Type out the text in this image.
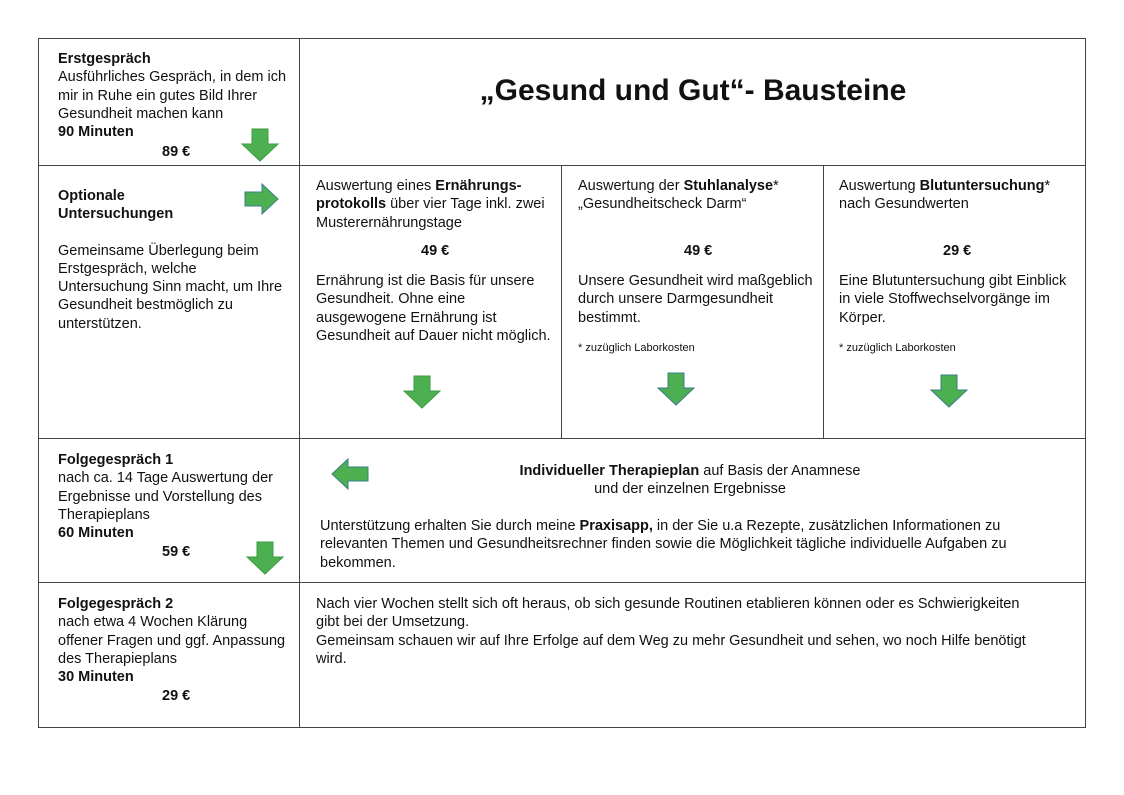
„Gesund und Gut“- Bausteine
Erstgespräch
Ausführliches Gespräch, in dem ich mir in Ruhe ein gutes Bild Ihrer Gesundheit machen kann
90 Minuten
89 €
Optionale
Untersuchungen
Gemeinsame Überlegung beim Erstgespräch, welche Untersuchung Sinn macht, um Ihre Gesundheit bestmöglich zu unterstützen.
Auswertung eines Ernährungs-protokolls über vier Tage inkl. zwei Musterernährungstage
49 €
Ernährung ist die Basis für unsere Gesundheit. Ohne eine ausgewogene Ernährung ist Gesundheit auf Dauer nicht möglich.
Auswertung der Stuhlanalyse*
„Gesundheitscheck Darm“
49 €
Unsere Gesundheit wird maßgeblich durch unsere Darmgesundheit bestimmt.
* zuzüglich Laborkosten
Auswertung Blutuntersuchung*
nach Gesundwerten
29 €
Eine Blutuntersuchung gibt Einblick in viele Stoffwechselvorgänge im Körper.
* zuzüglich Laborkosten
Folgegespräch 1
nach ca. 14 Tage Auswertung der Ergebnisse und Vorstellung des Therapieplans
60 Minuten
59 €
Individueller Therapieplan auf Basis der Anamnese
und der einzelnen Ergebnisse
Unterstützung erhalten Sie durch meine Praxisapp, in der Sie u.a Rezepte, zusätzlichen Informationen zu relevanten Themen und Gesundheitsrechner finden sowie die Möglichkeit tägliche individuelle Aufgaben zu bekommen.
Folgegespräch 2
nach etwa 4 Wochen Klärung offener Fragen und ggf. Anpassung des Therapieplans
30 Minuten
29 €
Nach vier Wochen stellt sich oft heraus, ob sich gesunde Routinen etablieren können oder es Schwierigkeiten gibt bei der Umsetzung.
Gemeinsam schauen wir auf Ihre Erfolge auf dem Weg zu mehr Gesundheit und sehen, wo noch Hilfe benötigt wird.
